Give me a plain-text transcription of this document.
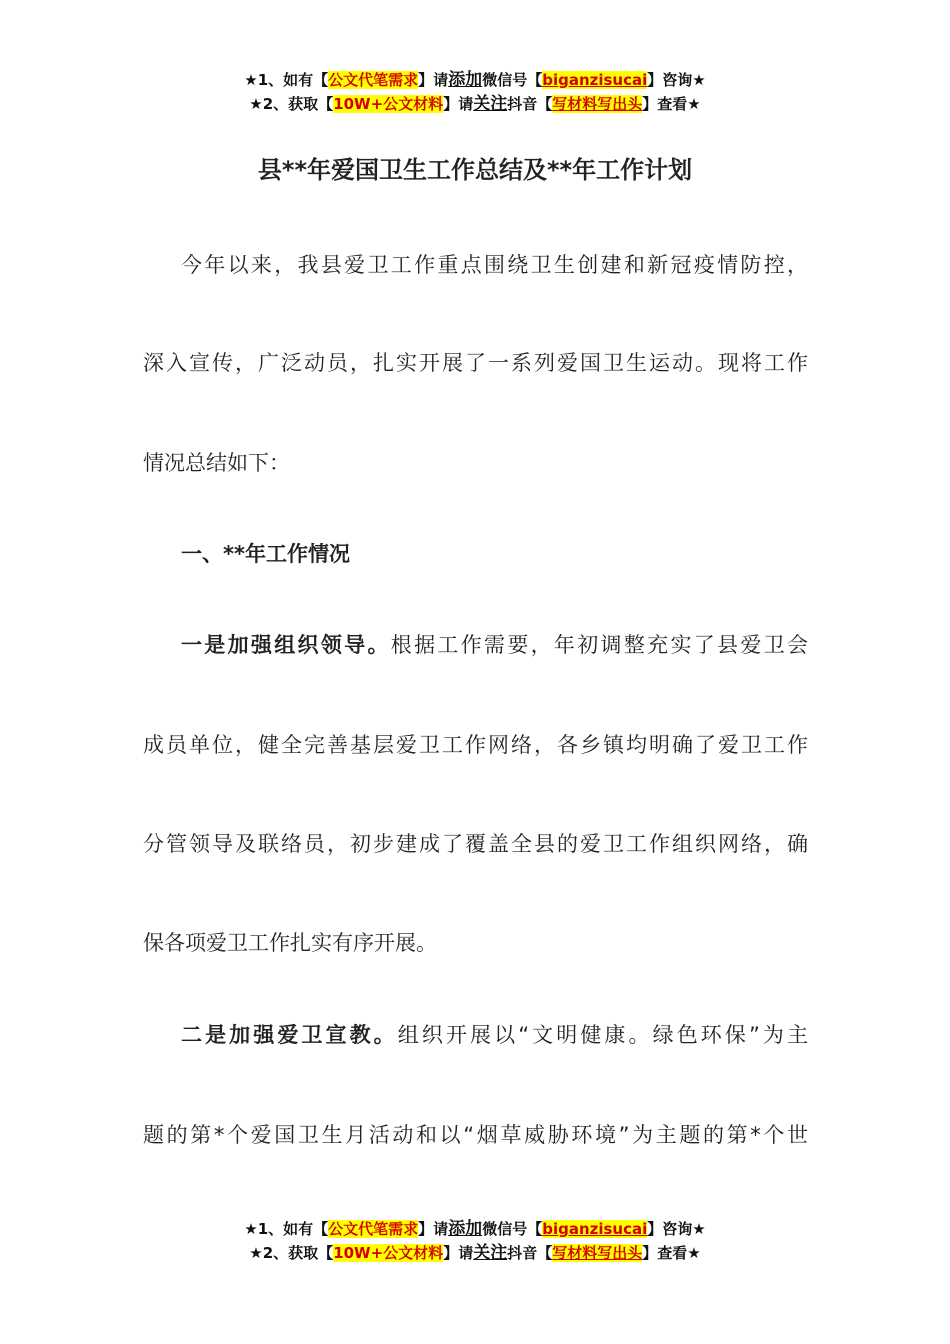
★1、如有【公文代笔需求】请添加微信号【biganzisucai】咨询★
★2、获取【10W+公文材料】请关注抖音【写材料写出头】查看★
县**年爱国卫生工作总结及**年工作计划

今年以来，我县爱卫工作重点围绕卫生创建和新冠疫情防控，

深入宣传，广泛动员，扎实开展了一系列爱国卫生运动。现将工作

情况总结如下：

一、**年工作情况

一是加强组织领导。根据工作需要，年初调整充实了县爱卫会

成员单位，健全完善基层爱卫工作网络，各乡镇均明确了爱卫工作

分管领导及联络员，初步建成了覆盖全县的爱卫工作组织网络，确

保各项爱卫工作扎实有序开展。

二是加强爱卫宣教。组织开展以“文明健康。绿色环保”为主

题的第*个爱国卫生月活动和以“烟草威胁环境”为主题的第*个世

★1、如有【公文代笔需求】请添加微信号【biganzisucai】咨询★
★2、获取【10W+公文材料】请关注抖音【写材料写出头】查看★
